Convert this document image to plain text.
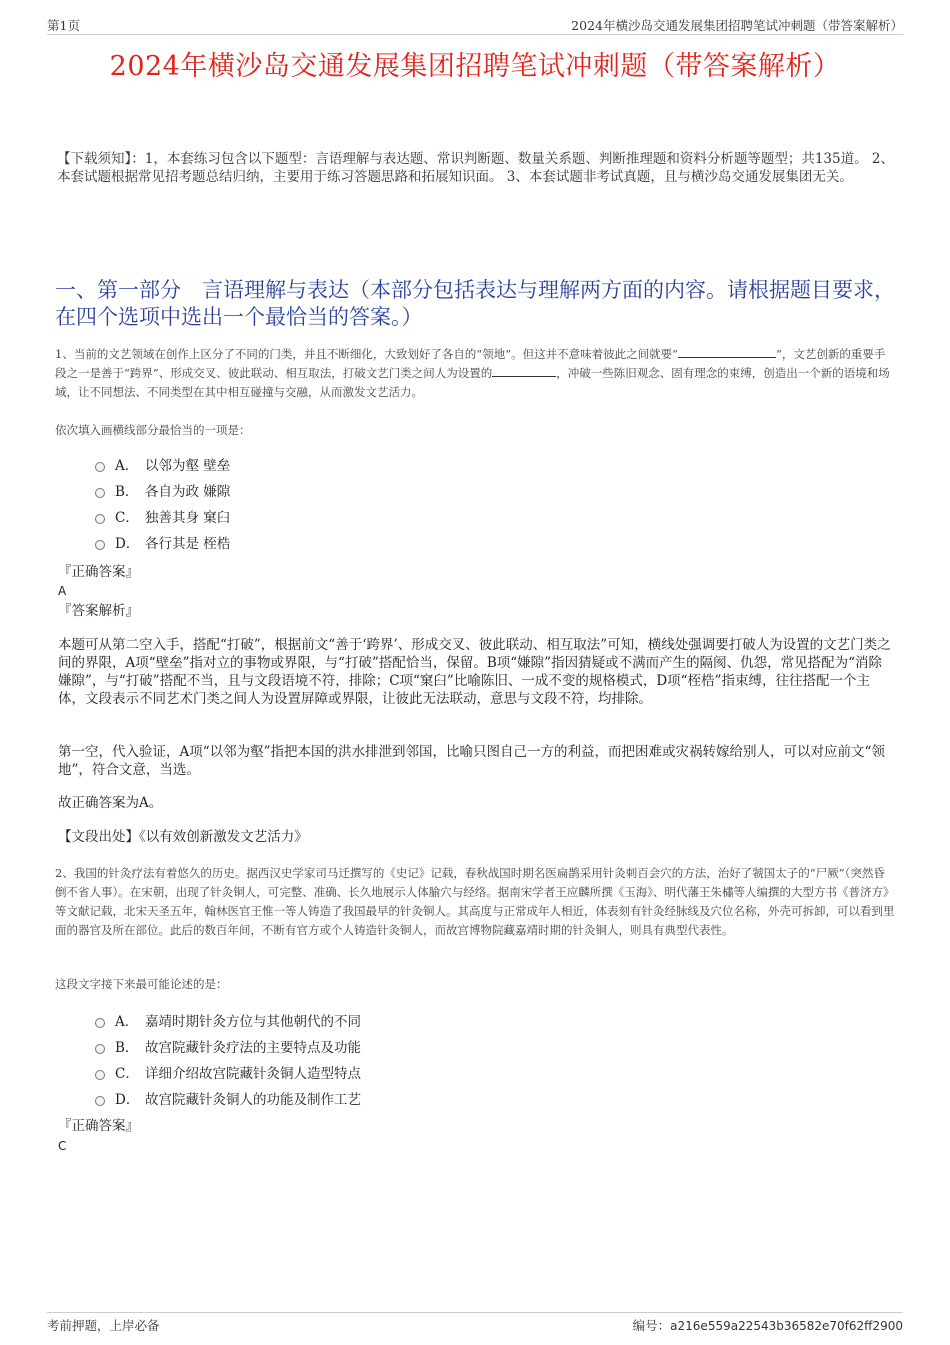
第1页	2024年横沙岛交通发展集团招聘笔试冲刺题（带答案解析）
2024年横沙岛交通发展集团招聘笔试冲刺题（带答案解析）
【下载须知】：1，本套练习包含以下题型：言语理解与表达题、常识判断题、数量关系题、判断推理题和资料分析题等题型；共135道。 2、本套试题根据常见招考题总结归纳，主要用于练习答题思路和拓展知识面。 3、本套试题非考试真题，且与横沙岛交通发展集团无关。
一、第一部分　言语理解与表达（本部分包括表达与理解两方面的内容。请根据题目要求，在四个选项中选出一个最恰当的答案。）
1、当前的文艺领域在创作上区分了不同的门类，并且不断细化，大致划好了各自的“领地”。但这并不意味着彼此之间就要“	”，文艺创新的重要手段之一是善于“跨界”、形成交叉、彼此联动、相互取法，打破文艺门类之间人为设置的	，冲破一些陈旧观念、固有理念的束缚，创造出一个新的语境和场域，让不同想法、不同类型在其中相互碰撞与交融，从而激发文艺活力。
依次填入画横线部分最恰当的一项是：
A． 以邻为壑 壁垒
B． 各自为政 嫌隙
C． 独善其身 窠臼
D． 各行其是 桎梏
『正确答案』
A
『答案解析』
本题可从第二空入手，搭配“打破”，根据前文“善于‘跨界’、形成交叉、彼此联动、相互取法”可知，横线处强调要打破人为设置的文艺门类之间的界限，A项“壁垒”指对立的事物或界限，与“打破”搭配恰当，保留。B项“嫌隙”指因猜疑或不满而产生的隔阂、仇怨，常见搭配为“消除嫌隙”，与“打破”搭配不当，且与文段语境不符，排除；C项“窠臼”比喻陈旧、一成不变的规格模式，D项“桎梏”指束缚，往往搭配一个主体，文段表示不同艺术门类之间人为设置屏障或界限，让彼此无法联动，意思与文段不符，均排除。
第一空，代入验证，A项“以邻为壑”指把本国的洪水排泄到邻国，比喻只图自己一方的利益，而把困难或灾祸转嫁给别人，可以对应前文“领地”，符合文意，当选。
故正确答案为A。
【文段出处】《以有效创新激发文艺活力》
2、我国的针灸疗法有着悠久的历史。据西汉史学家司马迁撰写的《史记》记载，春秋战国时期名医扁鹊采用针灸刺百会穴的方法，治好了虢国太子的“尸厥”（突然昏倒不省人事）。在宋朝，出现了针灸铜人，可完整、准确、长久地展示人体腧穴与经络。据南宋学者王应麟所撰《玉海》、明代藩王朱橚等人编撰的大型方书《普济方》等文献记载，北宋天圣五年，翰林医官王惟一等人铸造了我国最早的针灸铜人。其高度与正常成年人相近，体表刻有针灸经脉线及穴位名称，外壳可拆卸，可以看到里面的器官及所在部位。此后的数百年间，不断有官方或个人铸造针灸铜人，而故宫博物院藏嘉靖时期的针灸铜人，则具有典型代表性。
这段文字接下来最可能论述的是：
A． 嘉靖时期针灸方位与其他朝代的不同
B． 故宫院藏针灸疗法的主要特点及功能
C． 详细介绍故宫院藏针灸铜人造型特点
D． 故宫院藏针灸铜人的功能及制作工艺
『正确答案』
C
考前押题，上岸必备	编号：a216e559a22543b36582e70f62ff2900
